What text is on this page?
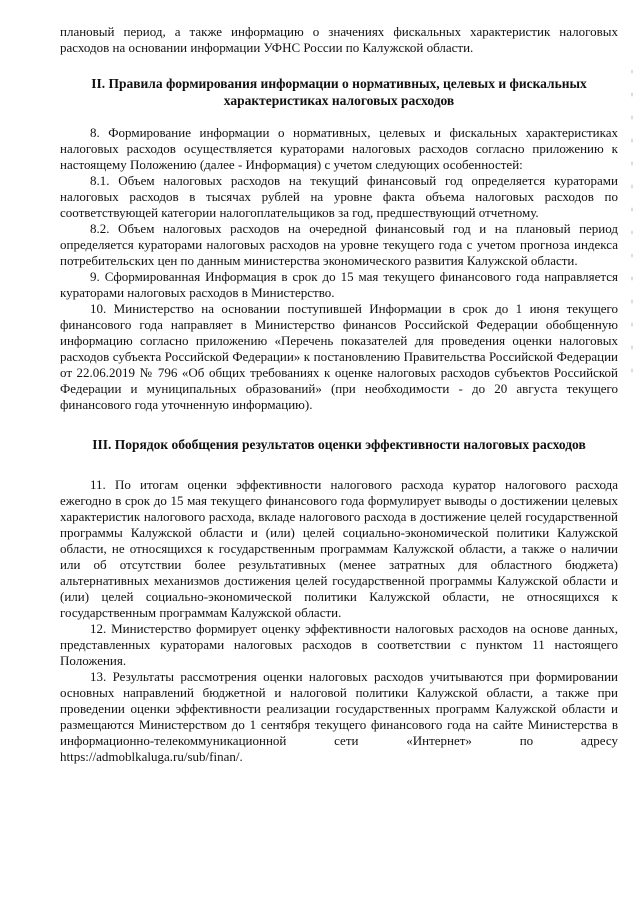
плановый период, а также информацию о значениях фискальных характеристик налоговых расходов на основании информации УФНС России по Калужской области.

II. Правила формирования информации о нормативных, целевых и фискальных характеристиках налоговых расходов

8. Формирование информации о нормативных, целевых и фискальных характеристиках налоговых расходов осуществляется кураторами налоговых расходов согласно приложению к настоящему Положению (далее - Информация) с учетом следующих особенностей:

8.1. Объем налоговых расходов на текущий финансовый год определяется кураторами налоговых расходов в тысячах рублей на уровне факта объема налоговых расходов по соответствующей категории налогоплательщиков за год, предшествующий отчетному.

8.2. Объем налоговых расходов на очередной финансовый год и на плановый период определяется кураторами налоговых расходов на уровне текущего года с учетом прогноза индекса потребительских цен по данным министерства экономического развития Калужской области.

9. Сформированная Информация в срок до 15 мая текущего финансового года направляется кураторами налоговых расходов в Министерство.

10. Министерство на основании поступившей Информации в срок до 1 июня текущего финансового года направляет в Министерство финансов Российской Федерации обобщенную информацию согласно приложению «Перечень показателей для проведения оценки налоговых расходов субъекта Российской Федерации» к постановлению Правительства Российской Федерации от 22.06.2019 № 796 «Об общих требованиях к оценке налоговых расходов субъектов Российской Федерации и муниципальных образований» (при необходимости - до 20 августа текущего финансового года уточненную информацию).

III. Порядок обобщения результатов оценки эффективности налоговых расходов

11. По итогам оценки эффективности налогового расхода куратор налогового расхода ежегодно в срок до 15 мая текущего финансового года формулирует выводы о достижении целевых характеристик налогового расхода, вкладе налогового расхода в достижение целей государственной программы Калужской области и (или) целей социально-экономической политики Калужской области, не относящихся к государственным программам Калужской области, а также о наличии или об отсутствии более результативных (менее затратных для областного бюджета) альтернативных механизмов достижения целей государственной программы Калужской области и (или) целей социально-экономической политики Калужской области, не относящихся к государственным программам Калужской области.

12. Министерство формирует оценку эффективности налоговых расходов на основе данных, представленных кураторами налоговых расходов в соответствии с пунктом 11 настоящего Положения.

13. Результаты рассмотрения оценки налоговых расходов учитываются при формировании основных направлений бюджетной и налоговой политики Калужской области, а также при проведении оценки эффективности реализации государственных программ Калужской области и размещаются Министерством до 1 сентября текущего финансового года на сайте Министерства в информационно-телекоммуникационной сети «Интернет» по адресу https://admoblkaluga.ru/sub/finan/.
